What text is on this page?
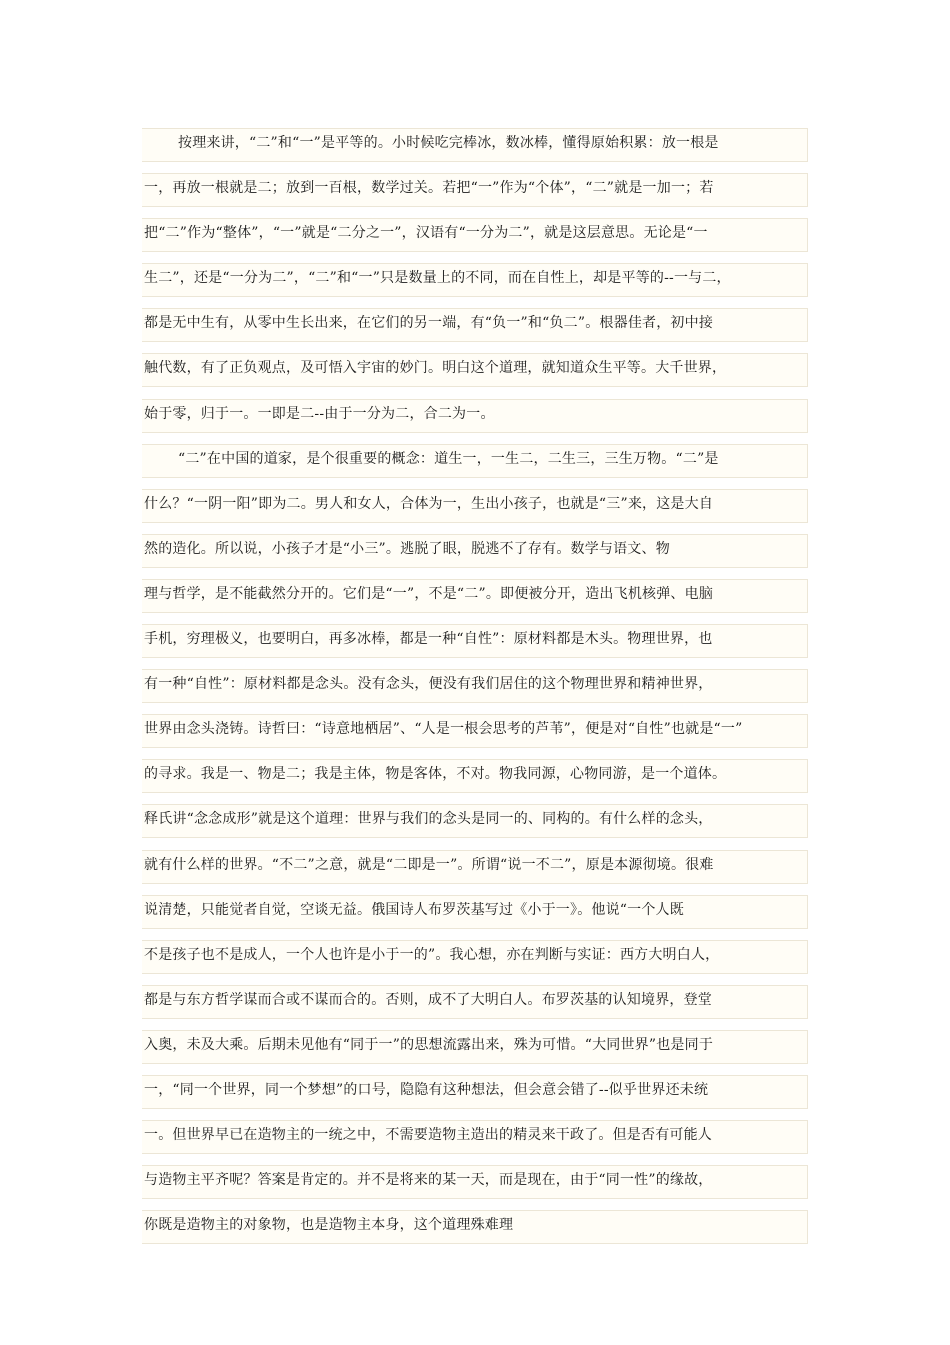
按理来讲，“二”和“一”是平等的。小时候吃完棒冰，数冰棒，懂得原始积累：放一根是
一，再放一根就是二；放到一百根，数学过关。若把“一”作为“个体”，“二”就是一加一；若
把“二”作为“整体”，“一”就是“二分之一”，汉语有“一分为二”，就是这层意思。无论是“一
生二”，还是“一分为二”，“二”和“一”只是数量上的不同，而在自性上，却是平等的--一与二，
都是无中生有，从零中生长出来，在它们的另一端，有“负一”和“负二”。根器佳者，初中接
触代数，有了正负观点，及可悟入宇宙的妙门。明白这个道理，就知道众生平等。大千世界，
始于零，归于一。一即是二--由于一分为二，合二为一。
“二”在中国的道家，是个很重要的概念：道生一，一生二，二生三，三生万物。“二”是
什么？“一阴一阳”即为二。男人和女人，合体为一，生出小孩子，也就是“三”来，这是大自
然的造化。所以说，小孩子才是“小三”。逃脱了眼，脱逃不了存有。数学与语文、物
理与哲学，是不能截然分开的。它们是“一”，不是“二”。即便被分开，造出飞机核弹、电脑
手机，穷理极义，也要明白，再多冰棒，都是一种“自性”：原材料都是木头。物理世界，也
有一种“自性”：原材料都是念头。没有念头，便没有我们居住的这个物理世界和精神世界，
世界由念头浇铸。诗哲曰：“诗意地栖居”、“人是一根会思考的芦苇”，便是对“自性”也就是“一”
的寻求。我是一、物是二；我是主体，物是客体，不对。物我同源，心物同游，是一个道体。
释氏讲“念念成形”就是这个道理：世界与我们的念头是同一的、同构的。有什么样的念头，
就有什么样的世界。“不二”之意，就是“二即是一”。所谓“说一不二”，原是本源彻境。很难
说清楚，只能觉者自觉，空谈无益。俄国诗人布罗茨基写过《小于一》。他说“一个人既
不是孩子也不是成人，一个人也许是小于一的”。我心想，亦在判断与实证：西方大明白人，
都是与东方哲学谋而合或不谋而合的。否则，成不了大明白人。布罗茨基的认知境界，登堂
入奥，未及大乘。后期未见他有“同于一”的思想流露出来，殊为可惜。“大同世界”也是同于
一，“同一个世界，同一个梦想”的口号，隐隐有这种想法，但会意会错了--似乎世界还未统
一。但世界早已在造物主的一统之中，不需要造物主造出的精灵来干政了。但是否有可能人
与造物主平齐呢？答案是肯定的。并不是将来的某一天，而是现在，由于“同一性”的缘故，
你既是造物主的对象物，也是造物主本身，这个道理殊难理
